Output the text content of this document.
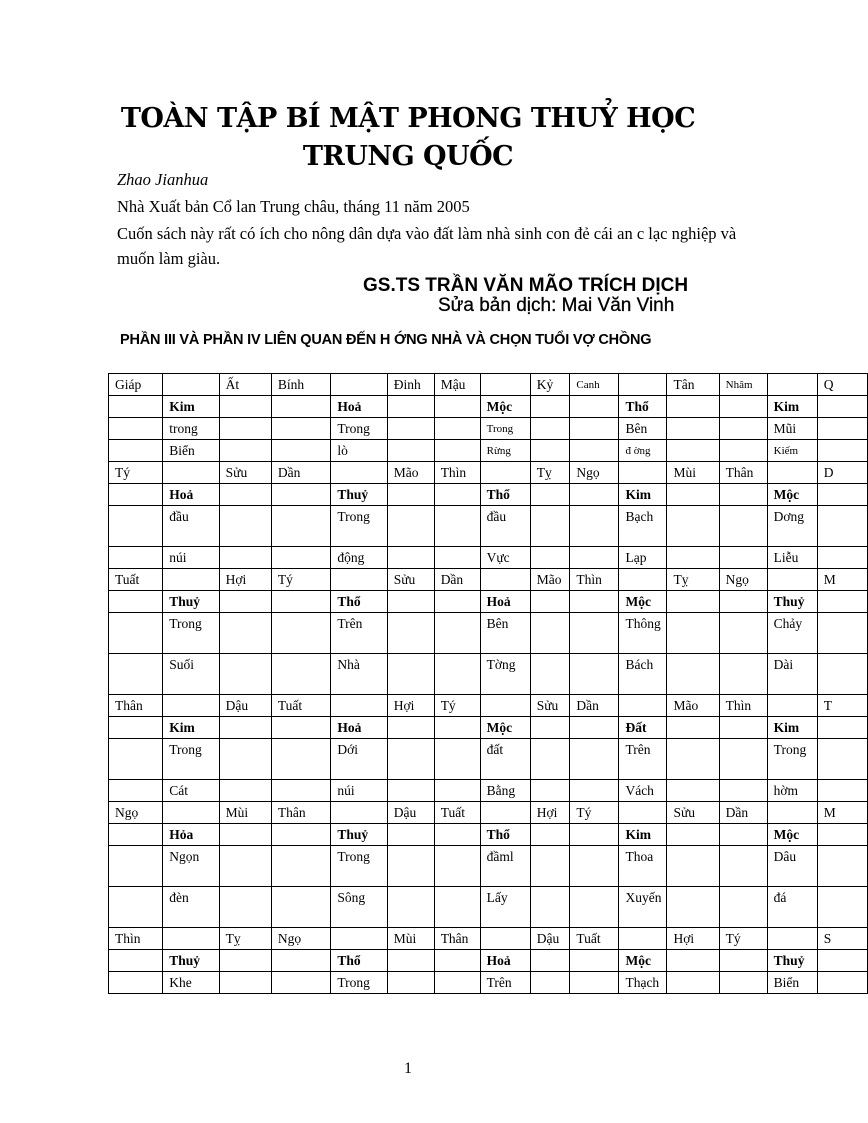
TOÀN TẬP BÍ MẬT PHONG THUỶ HỌC
TRUNG QUỐC
Zhao Jianhua
Nhà Xuất bản Cổ lan Trung châu, tháng 11 năm 2005
Cuốn sách này rất có ích cho nông dân dựa vào đất làm nhà sinh con đẻ cái an c lạc nghiệp và muốn làm giàu.
GS.TS TRẦN VĂN MÃO TRÍCH DỊCH
Sửa bản dịch: Mai Văn Vinh
PHẦN III VÀ PHẦN IV LIÊN QUAN ĐẾN H ỚNG NHÀ VÀ CHỌN TUỔI VỢ CHỒNG
Giáp		Ất	Bính		Đinh	Mậu		Kỷ	Canh		Tân	Nhâm		Q
	Kim			Hoả			Mộc			Thổ			Kim	
	trong			Trong			Trong			Bên			Mũi	
	Biển			lò			Rừng			đ ờng			Kiếm	
Tý		Sửu	Dần		Mão	Thìn		Tỵ	Ngọ		Mùi	Thân		D
	Hoả			Thuỷ			Thổ			Kim			Mộc	
	đầu			Trong			đầu			Bạch			Dơng	
	núi			động			Vực			Lạp			Liễu	
Tuất		Hợi	Tý		Sửu	Dần		Mão	Thìn		Tỵ	Ngọ		M
	Thuỷ			Thổ			Hoả			Mộc			Thuỷ	
	Trong			Trên			Bên			Thông			Chảy	
	Suối			Nhà			Tờng			Bách			Dài	
Thân		Dậu	Tuất		Hợi	Tý		Sửu	Dần		Mão	Thìn		T
	Kim			Hoả			Mộc			Đất			Kim	
	Trong			Dới			đất			Trên			Trong	
	Cát			núi			Bằng			Vách			hờm	
Ngọ		Mùi	Thân		Dậu	Tuất		Hợi	Tý		Sửu	Dần		M
	Hỏa			Thuỷ			Thổ			Kim			Mộc	
	Ngọn			Trong			đầml			Thoa			Dâu	
	đèn			Sông			Lấy			Xuyến			đá	
Thìn		Tỵ	Ngọ		Mùi	Thân		Dậu	Tuất		Hợi	Tý		S
	Thuỷ			Thổ			Hoả			Mộc			Thuỷ	
	Khe			Trong			Trên			Thạch			Biển	
1
